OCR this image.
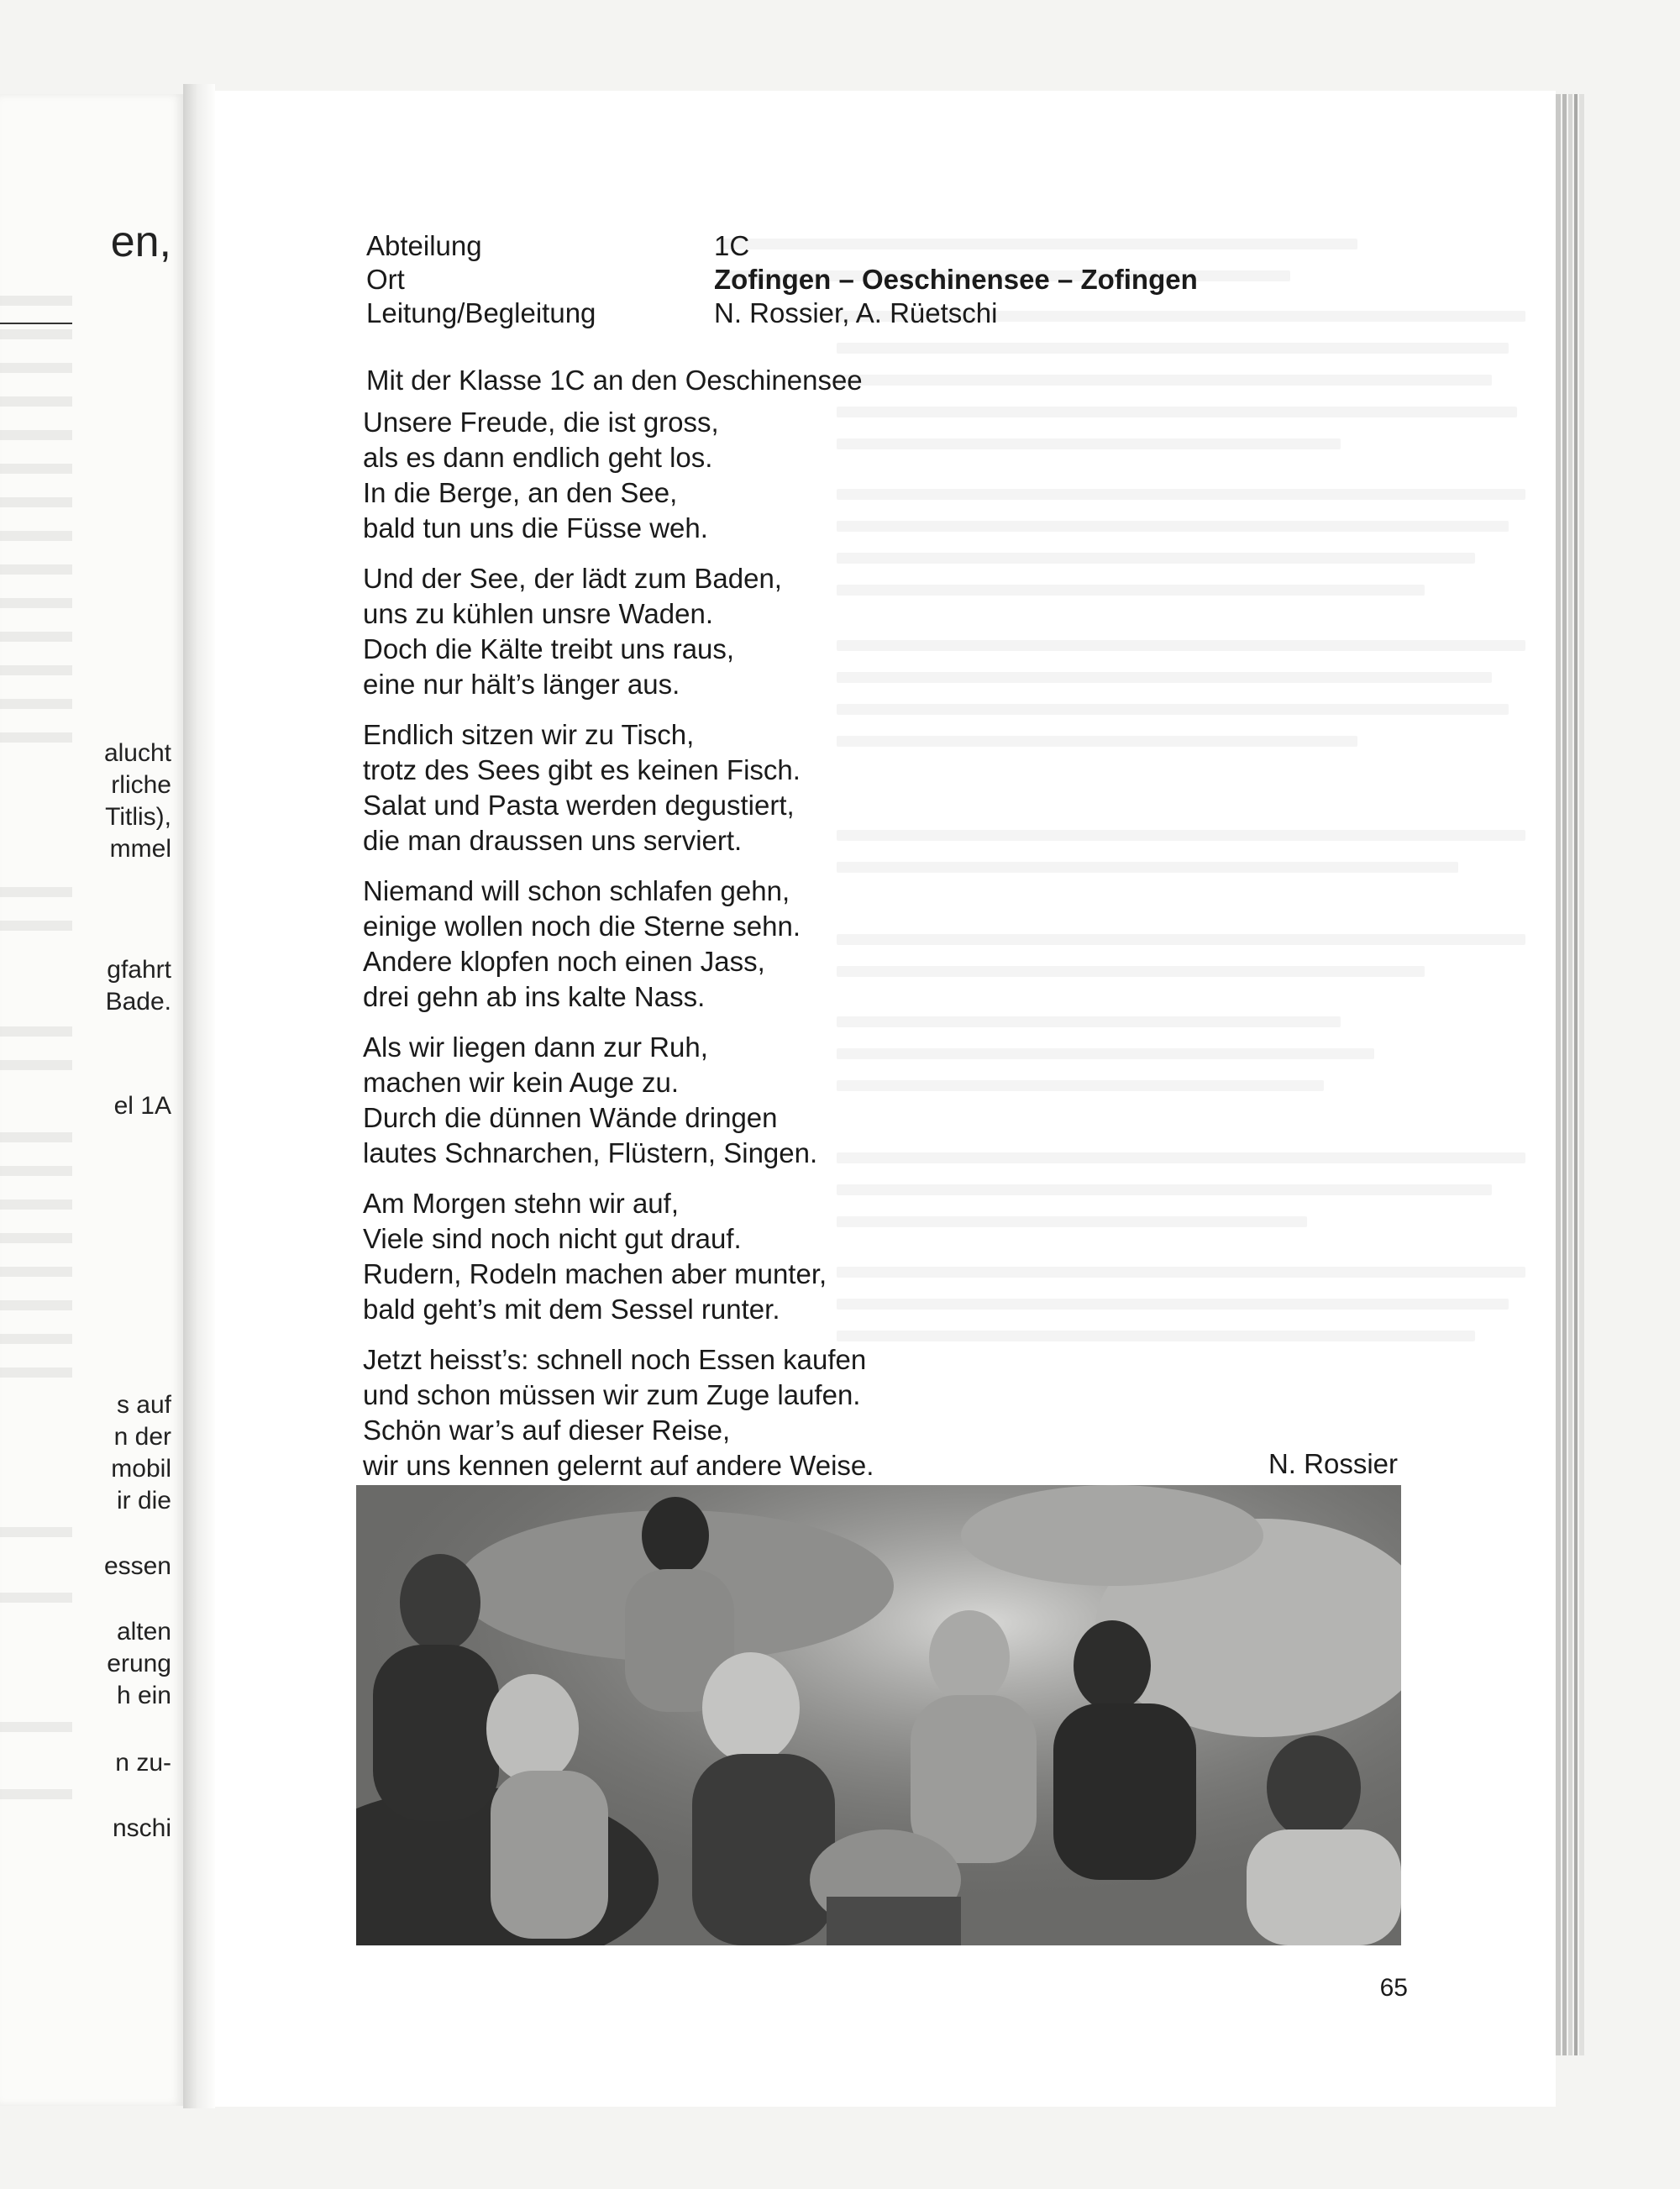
en,
alucht
rliche
Titlis),
mmel
gfahrt
Bade.
el 1A
s auf
n der
mobil
ir die
essen
alten
erung
h ein
n zu-
nschi
Abteilung	1C
Ort	Zofingen – Oeschinensee – Zofingen
Leitung/Begleitung	N. Rossier, A. Rüetschi
Mit der Klasse 1C an den Oeschinensee
Unsere Freude, die ist gross,
als es dann endlich geht los.
In die Berge, an den See,
bald tun uns die Füsse weh.
Und der See, der lädt zum Baden,
uns zu kühlen unsre Waden.
Doch die Kälte treibt uns raus,
eine nur hält’s länger aus.
Endlich sitzen wir zu Tisch,
trotz des Sees gibt es keinen Fisch.
Salat und Pasta werden degustiert,
die man draussen uns serviert.
Niemand will schon schlafen gehn,
einige wollen noch die Sterne sehn.
Andere klopfen noch einen Jass,
drei gehn ab ins kalte Nass.
Als wir liegen dann zur Ruh,
machen wir kein Auge zu.
Durch die dünnen Wände dringen
lautes Schnarchen, Flüstern, Singen.
Am Morgen stehn wir auf,
Viele sind noch nicht gut drauf.
Rudern, Rodeln machen aber munter,
bald geht’s mit dem Sessel runter.
Jetzt heisst’s: schnell noch Essen kaufen
und schon müssen wir zum Zuge laufen.
Schön war’s auf dieser Reise,
wir uns kennen gelernt auf andere Weise.	N. Rossier
65
